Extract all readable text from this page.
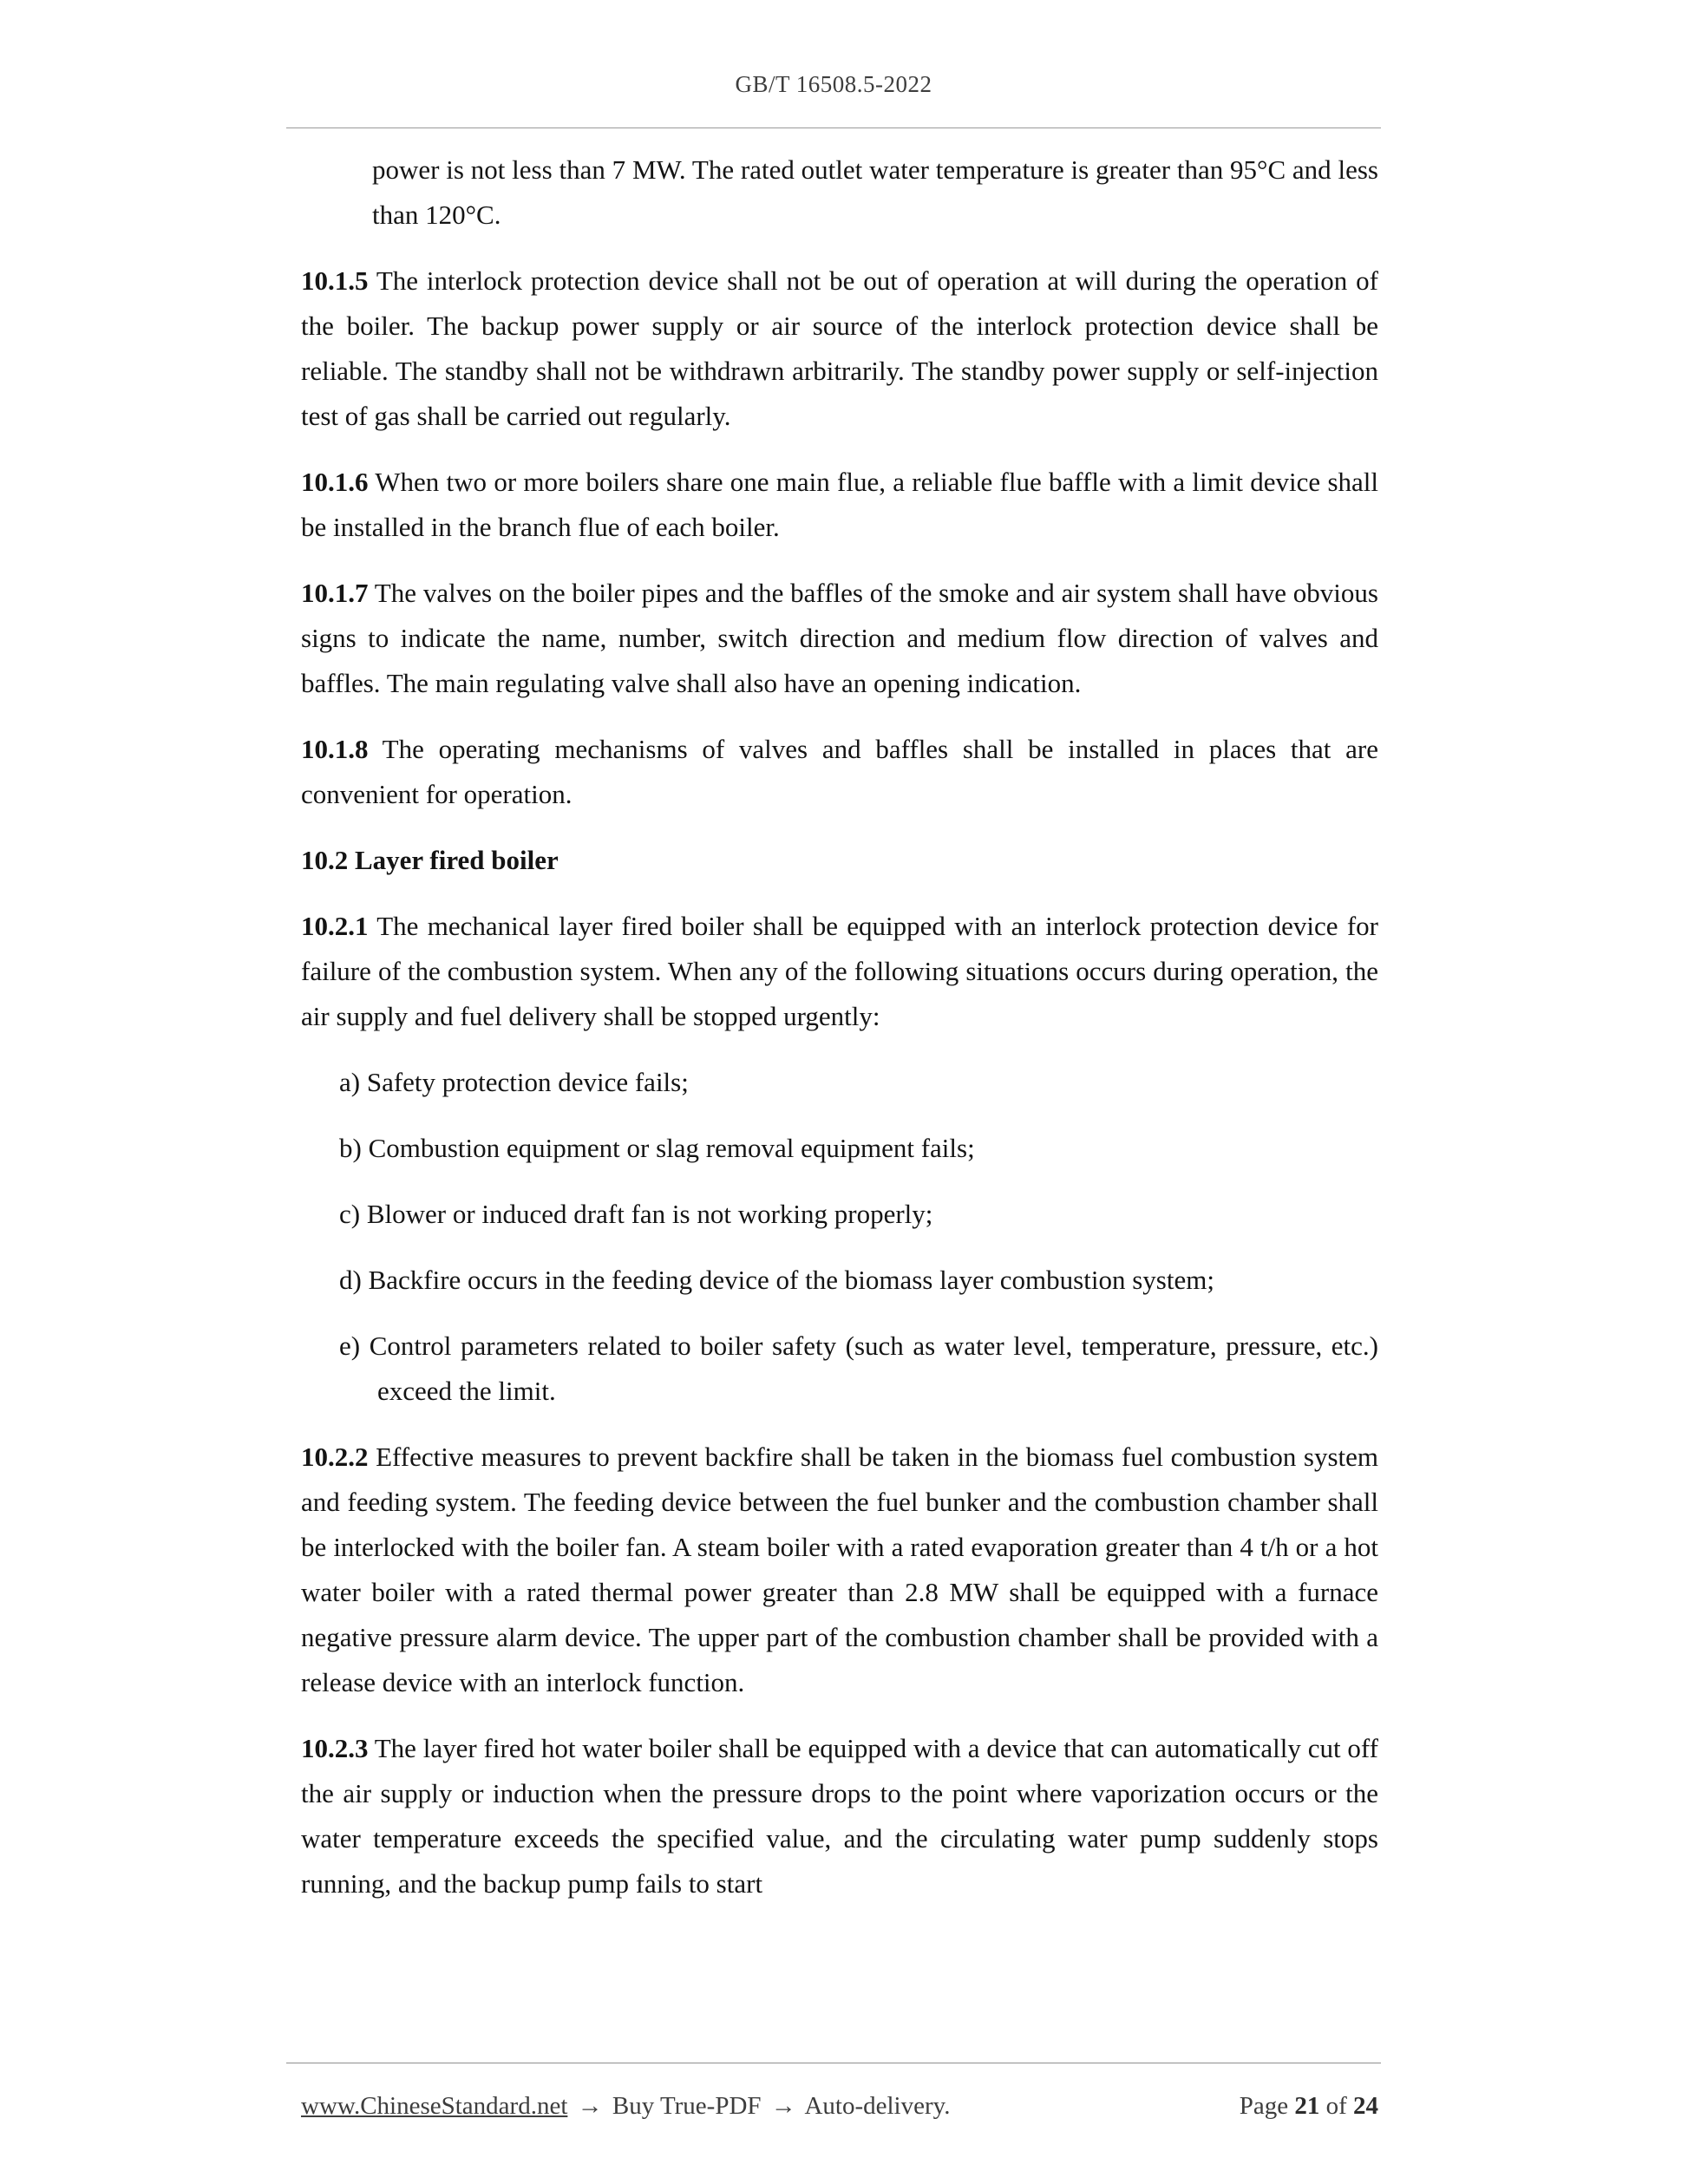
GB/T 16508.5-2022

power is not less than 7 MW. The rated outlet water temperature is greater than 95°C and less than 120°C.

10.1.5 The interlock protection device shall not be out of operation at will during the operation of the boiler. The backup power supply or air source of the interlock protection device shall be reliable. The standby shall not be withdrawn arbitrarily. The standby power supply or self-injection test of gas shall be carried out regularly.

10.1.6 When two or more boilers share one main flue, a reliable flue baffle with a limit device shall be installed in the branch flue of each boiler.

10.1.7 The valves on the boiler pipes and the baffles of the smoke and air system shall have obvious signs to indicate the name, number, switch direction and medium flow direction of valves and baffles. The main regulating valve shall also have an opening indication.

10.1.8 The operating mechanisms of valves and baffles shall be installed in places that are convenient for operation.

10.2 Layer fired boiler

10.2.1 The mechanical layer fired boiler shall be equipped with an interlock protection device for failure of the combustion system. When any of the following situations occurs during operation, the air supply and fuel delivery shall be stopped urgently:

a) Safety protection device fails;

b) Combustion equipment or slag removal equipment fails;

c) Blower or induced draft fan is not working properly;

d) Backfire occurs in the feeding device of the biomass layer combustion system;

e) Control parameters related to boiler safety (such as water level, temperature, pressure, etc.) exceed the limit.

10.2.2 Effective measures to prevent backfire shall be taken in the biomass fuel combustion system and feeding system. The feeding device between the fuel bunker and the combustion chamber shall be interlocked with the boiler fan. A steam boiler with a rated evaporation greater than 4 t/h or a hot water boiler with a rated thermal power greater than 2.8 MW shall be equipped with a furnace negative pressure alarm device. The upper part of the combustion chamber shall be provided with a release device with an interlock function.

10.2.3 The layer fired hot water boiler shall be equipped with a device that can automatically cut off the air supply or induction when the pressure drops to the point where vaporization occurs or the water temperature exceeds the specified value, and the circulating water pump suddenly stops running, and the backup pump fails to start

www.ChineseStandard.net → Buy True-PDF → Auto-delivery.	Page 21 of 24
